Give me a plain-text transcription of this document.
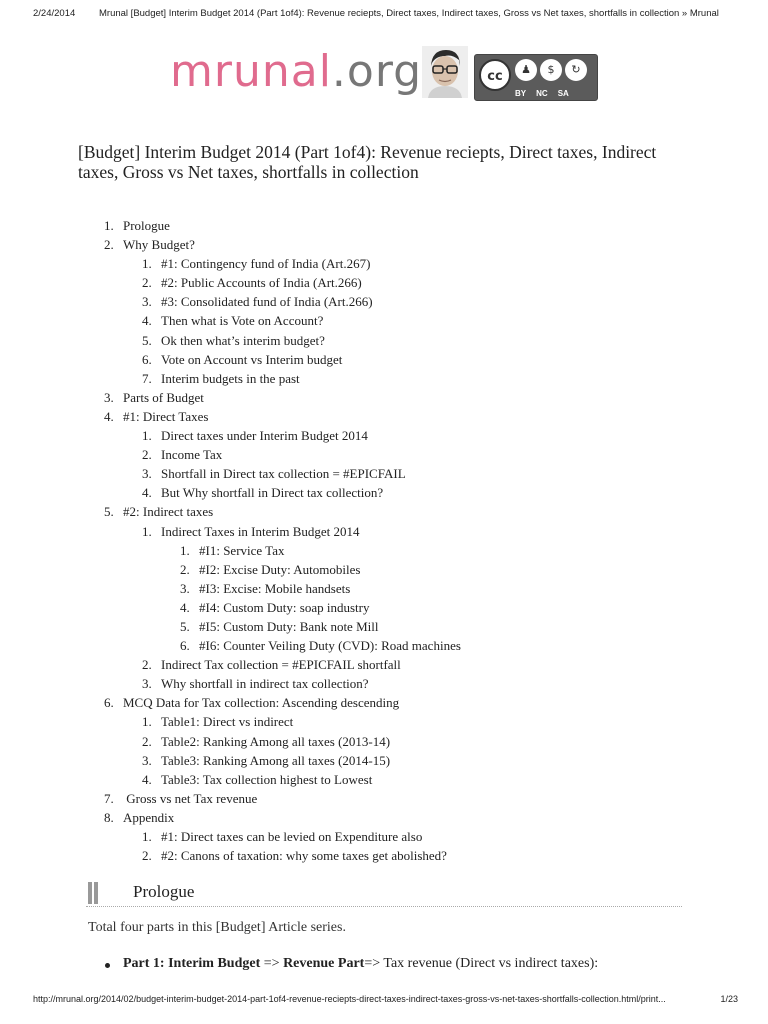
2/24/2014 Mrunal [Budget] Interim Budget 2014 (Part 1of4): Revenue reciepts, Direct taxes, Indirect taxes, Gross vs Net taxes, shortfalls in collection » Mrunal
mrunal.org	cc	♟	$	↻
BY NC SA
[Budget] Interim Budget 2014 (Part 1of4): Revenue reciepts, Direct taxes, Indirect taxes, Gross vs Net taxes, shortfalls in collection
1. Prologue
2. Why Budget?
1. #1: Contingency fund of India (Art.267)
2. #2: Public Accounts of India (Art.266)
3. #3: Consolidated fund of India (Art.266)
4. Then what is Vote on Account?
5. Ok then what’s interim budget?
6. Vote on Account vs Interim budget
7. Interim budgets in the past
3. Parts of Budget
4. #1: Direct Taxes
1. Direct taxes under Interim Budget 2014
2. Income Tax
3. Shortfall in Direct tax collection = #EPICFAIL
4. But Why shortfall in Direct tax collection?
5. #2: Indirect taxes
1. Indirect Taxes in Interim Budget 2014
1. #I1: Service Tax
2. #I2: Excise Duty: Automobiles
3. #I3: Excise: Mobile handsets
4. #I4: Custom Duty: soap industry
5. #I5: Custom Duty: Bank note Mill
6. #I6: Counter Veiling Duty (CVD): Road machines
2. Indirect Tax collection = #EPICFAIL shortfall
3. Why shortfall in indirect tax collection?
6. MCQ Data for Tax collection: Ascending descending
1. Table1: Direct vs indirect
2. Table2: Ranking Among all taxes (2013-14)
3. Table3: Ranking Among all taxes (2014-15)
4. Table3: Tax collection highest to Lowest
7. Gross vs net Tax revenue
8. Appendix
1. #1: Direct taxes can be levied on Expenditure also
2. #2: Canons of taxation: why some taxes get abolished?
Prologue
Total four parts in this [Budget] Article series.
Part 1: Interim Budget => Revenue Part=> Tax revenue (Direct vs indirect taxes):
http://mrunal.org/2014/02/budget-interim-budget-2014-part-1of4-revenue-reciepts-direct-taxes-indirect-taxes-gross-vs-net-taxes-shortfalls-collection.html/print...	1/23
